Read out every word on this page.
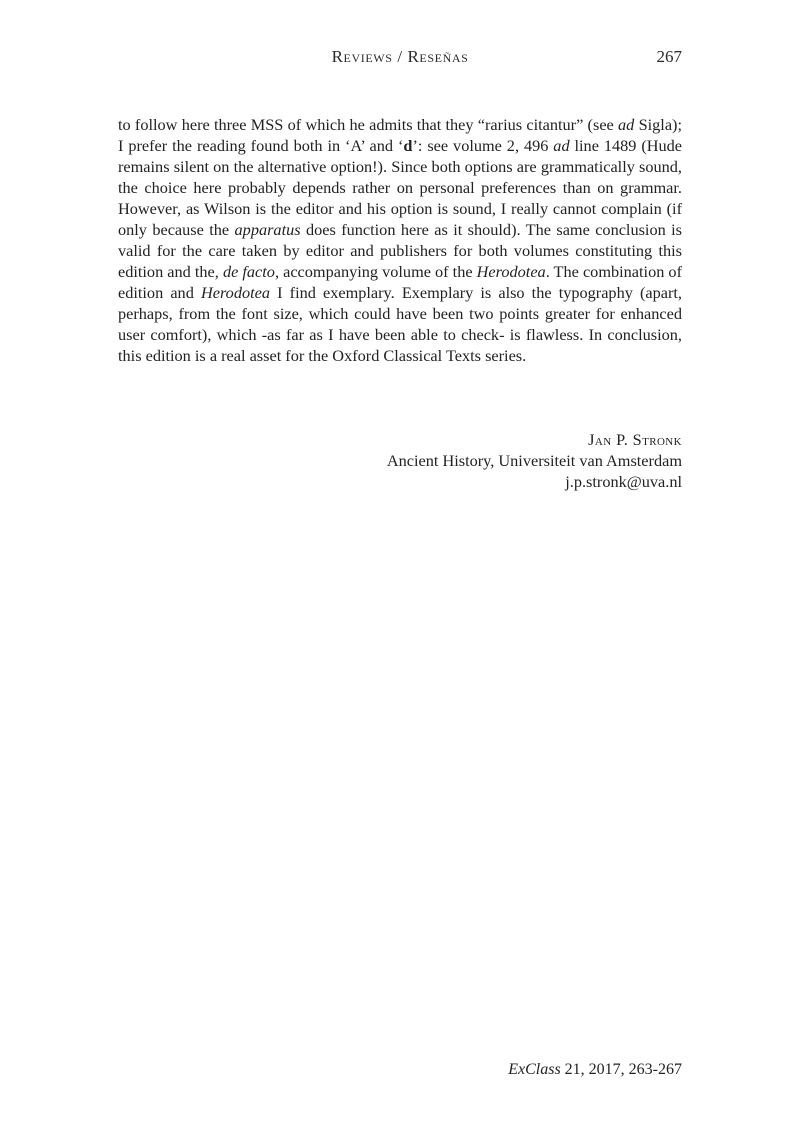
Reviews / Reseñas	267

to follow here three MSS of which he admits that they “rarius citantur” (see ad Sigla); I prefer the reading found both in ‘A’ and ‘d’: see volume 2, 496 ad line 1489 (Hude remains silent on the alternative option!). Since both options are grammatically sound, the choice here probably depends rather on personal preferences than on grammar. However, as Wilson is the editor and his option is sound, I really cannot complain (if only because the apparatus does function here as it should). The same conclusion is valid for the care taken by editor and publishers for both volumes constituting this edition and the, de facto, accompanying volume of the Herodotea. The combination of edition and Herodotea I find exemplary. Exemplary is also the typography (apart, perhaps, from the font size, which could have been two points greater for enhanced user comfort), which -as far as I have been able to check- is flawless. In conclusion, this edition is a real asset for the Oxford Classical Texts series.

Jan P. Stronk
Ancient History, Universiteit van Amsterdam
j.p.stronk@uva.nl
ExClass 21, 2017, 263-267
